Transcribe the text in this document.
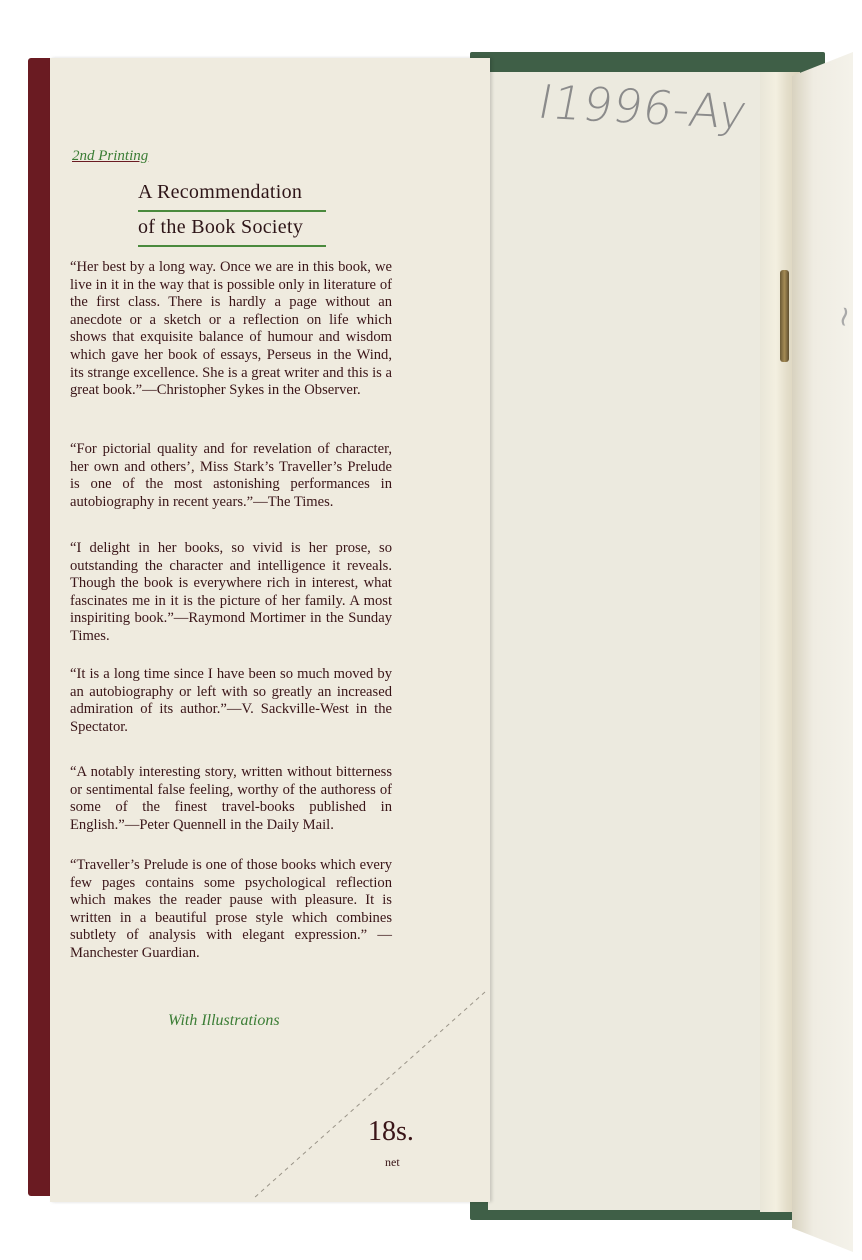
I1996-Ay
~
2nd Printing
A Recommendation
of the Book Society

“Her best by a long way. Once we are in this book, we live in it in the way that is possible only in literature of the first class. There is hardly a page without an anecdote or a sketch or a reflection on life which shows that exquisite balance of humour and wisdom which gave her book of essays, Perseus in the Wind, its strange excellence. She is a great writer and this is a great book.”—Christopher Sykes in the Observer.

“For pictorial quality and for revelation of character, her own and others’, Miss Stark’s Traveller’s Prelude is one of the most astonishing performances in autobiography in recent years.”—The Times.

“I delight in her books, so vivid is her prose, so outstanding the character and intelligence it reveals. Though the book is everywhere rich in interest, what fascinates me in it is the picture of her family. A most inspiriting book.”—Raymond Mortimer in the Sunday Times.

“It is a long time since I have been so much moved by an autobiography or left with so greatly an increased admiration of its author.”—V. Sackville-West in the Spectator.

“A notably interesting story, written without bitterness or sentimental false feeling, worthy of the authoress of some of the finest travel-books published in English.”—Peter Quennell in the Daily Mail.

“Traveller’s Prelude is one of those books which every few pages contains some psychological reflection which makes the reader pause with pleasure. It is written in a beautiful prose style which combines subtlety of analysis with elegant expression.” —Manchester Guardian.

With Illustrations
18s.
net
